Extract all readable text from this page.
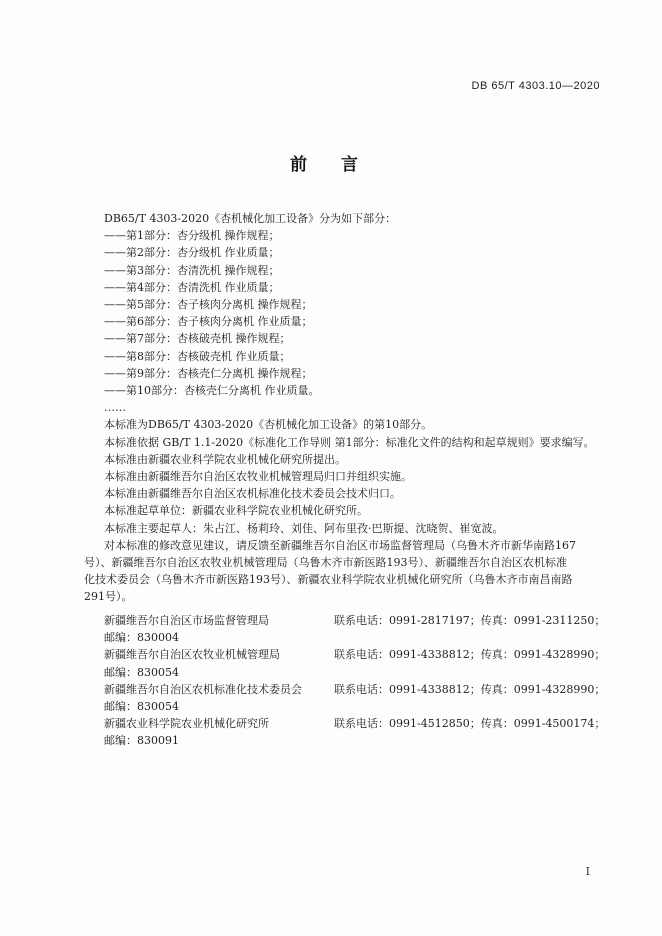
DB 65/T 4303.10—2020
前 言
DB65/T 4303-2020《杏机械化加工设备》分为如下部分：
——第1部分：杏分级机 操作规程；
——第2部分：杏分级机 作业质量；
——第3部分：杏清洗机 操作规程；
——第4部分：杏清洗机 作业质量；
——第5部分：杏子核肉分离机 操作规程；
——第6部分：杏子核肉分离机 作业质量；
——第7部分：杏核破壳机 操作规程；
——第8部分：杏核破壳机 作业质量；
——第9部分：杏核壳仁分离机 操作规程；
——第10部分：杏核壳仁分离机 作业质量。
……
本标准为DB65/T 4303-2020《杏机械化加工设备》的第10部分。
本标准依据 GB/T 1.1-2020《标准化工作导则 第1部分：标准化文件的结构和起草规则》要求编写。
本标准由新疆农业科学院农业机械化研究所提出。
本标准由新疆维吾尔自治区农牧业机械管理局归口并组织实施。
本标准由新疆维吾尔自治区农机标准化技术委员会技术归口。
本标准起草单位：新疆农业科学院农业机械化研究所。
本标准主要起草人：朱占江、杨莉玲、刘佳、阿布里孜·巴斯提、沈晓贺、崔宽波。
对本标准的修改意见建议，请反馈至新疆维吾尔自治区市场监督管理局（乌鲁木齐市新华南路167
号）、新疆维吾尔自治区农牧业机械管理局（乌鲁木齐市新医路193号）、新疆维吾尔自治区农机标准
化技术委员会（乌鲁木齐市新医路193号）、新疆农业科学院农业机械化研究所（乌鲁木齐市南昌南路
291号）。
新疆维吾尔自治区市场监督管理局	联系电话：0991-2817197；传真：0991-2311250；
邮编：830004
新疆维吾尔自治区农牧业机械管理局	联系电话：0991-4338812；传真：0991-4328990；
邮编：830054
新疆维吾尔自治区农机标准化技术委员会	联系电话：0991-4338812；传真：0991-4328990；
邮编：830054
新疆农业科学院农业机械化研究所	联系电话：0991-4512850；传真：0991-4500174；
邮编：830091
I
